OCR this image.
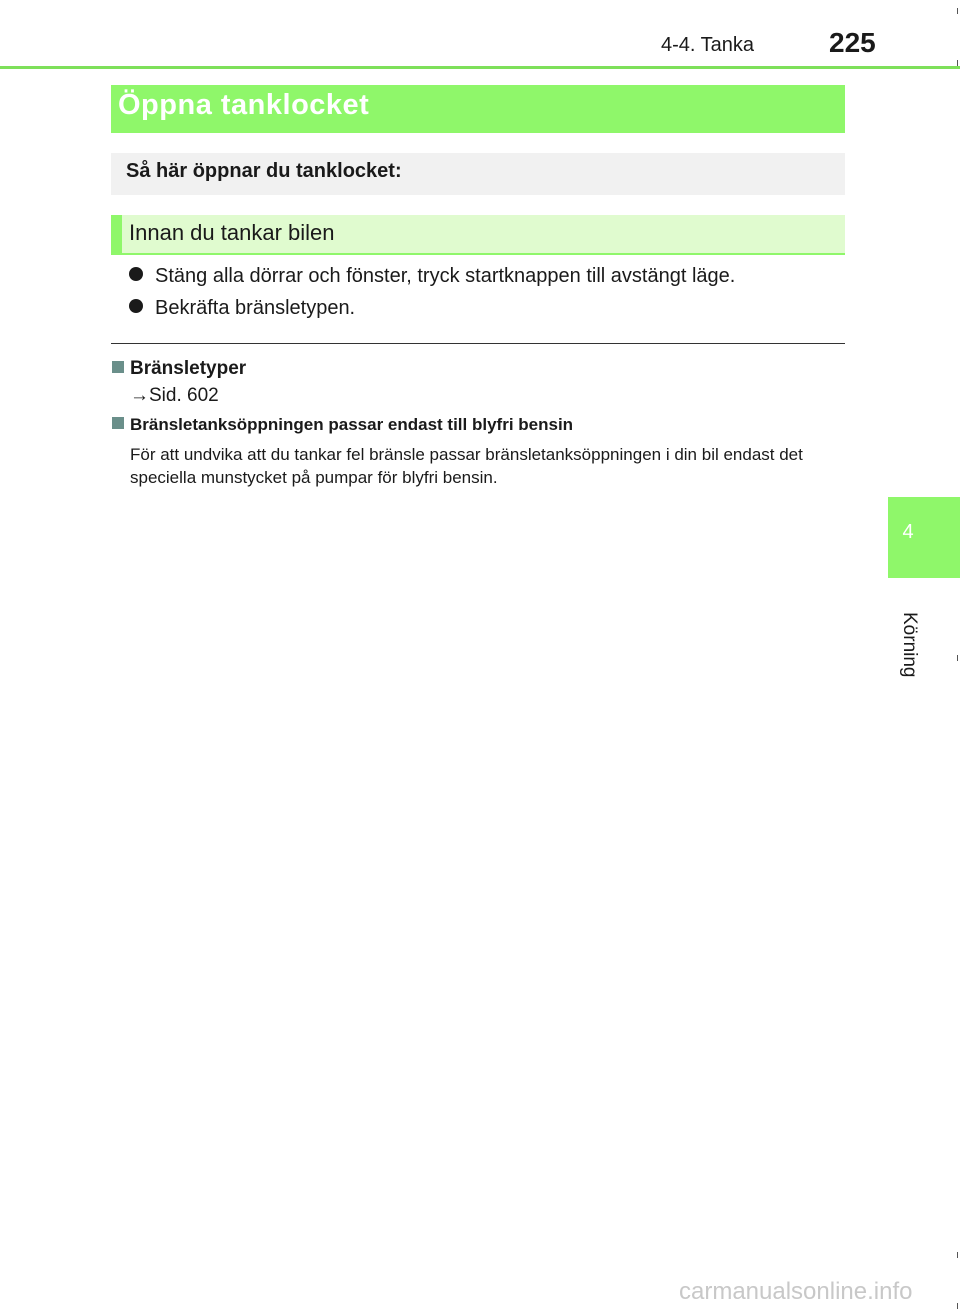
4-4. Tanka	225
Öppna tanklocket
Så här öppnar du tanklocket:
Innan du tankar bilen
Stäng alla dörrar och fönster, tryck startknappen till avstängt läge.
Bekräfta bränsletypen.
Bränsletyper
→Sid. 602
Bränsletanksöppningen passar endast till blyfri bensin
För att undvika att du tankar fel bränsle passar bränsletanksöppningen i din bil endast det speciella munstycket på pumpar för blyfri bensin.
4
Körning
carmanualsonline.info
